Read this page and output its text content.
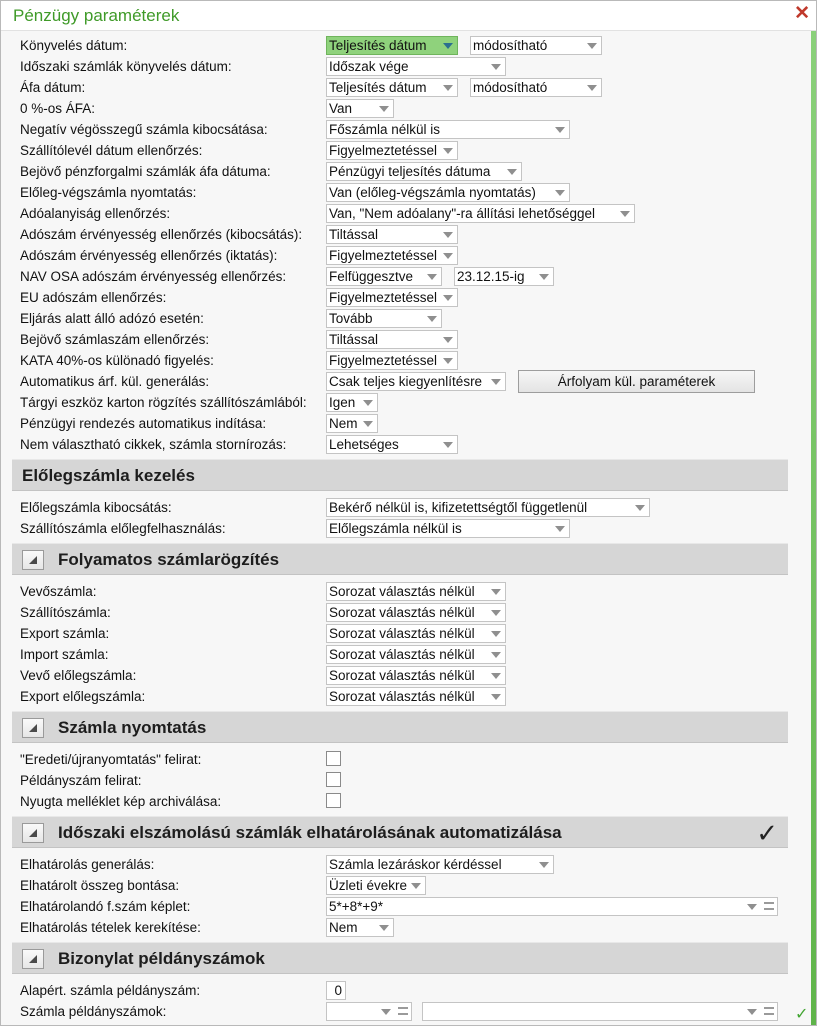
Pénzügy paraméterek	✕
Könyvelés dátum:	Teljesítés dátum	módosítható
Időszaki számlák könyvelés dátum:	Időszak vége
Áfa dátum:	Teljesítés dátum	módosítható
0 %-os ÁFA:	Van
Negatív végösszegű számla kibocsátása:	Főszámla nélkül is
Szállítólevél dátum ellenőrzés:	Figyelmeztetéssel
Bejövő pénzforgalmi számlák áfa dátuma:	Pénzügyi teljesítés dátuma
Előleg-végszámla nyomtatás:	Van (előleg-végszámla nyomtatás)
Adóalanyiság ellenőrzés:	Van, "Nem adóalany"-ra állítási lehetőséggel
Adószám érvényesség ellenőrzés (kibocsátás): Tiltással
Adószám érvényesség ellenőrzés (iktatás):	Figyelmeztetéssel
NAV OSA adószám érvényesség ellenőrzés:	Felfüggesztve	23.12.15-ig
EU adószám ellenőrzés:	Figyelmeztetéssel
Eljárás alatt álló adózó esetén:	Tovább
Bejövő számlaszám ellenőrzés:	Tiltással
KATA 40%-os különadó figyelés:	Figyelmeztetéssel
Automatikus árf. kül. generálás:	Csak teljes kiegyenlítésre	Árfolyam kül. paraméterek
Tárgyi eszköz karton rögzítés szállítószámlából: Igen
Pénzügyi rendezés automatikus indítása:	Nem
Nem választható cikkek, számla stornírozás:	Lehetséges
Előlegszámla kezelés
Előlegszámla kibocsátás:	Bekérő nélkül is, kifizetettségtől függetlenül
Szállítószámla előlegfelhasználás:	Előlegszámla nélkül is
Folyamatos számlarögzítés
Vevőszámla:	Sorozat választás nélkül
Szállítószámla:	Sorozat választás nélkül
Export számla:	Sorozat választás nélkül
Import számla:	Sorozat választás nélkül
Vevő előlegszámla:	Sorozat választás nélkül
Export előlegszámla:	Sorozat választás nélkül
Számla nyomtatás
"Eredeti/újranyomtatás" felirat:
Példányszám felirat:
Nyugta melléklet kép archiválása:
Időszaki elszámolású számlák elhatárolásának automatizálása	✓
Elhatárolás generálás:	Számla lezáráskor kérdéssel
Elhatárolt összeg bontása:	Üzleti évekre
Elhatárolandó f.szám képlet:	5*+8*+9*
Elhatárolás tételek kerekítése:	Nem
Bizonylat példányszámok
Alapért. számla példányszám:	0
Számla példányszámok:	✓
